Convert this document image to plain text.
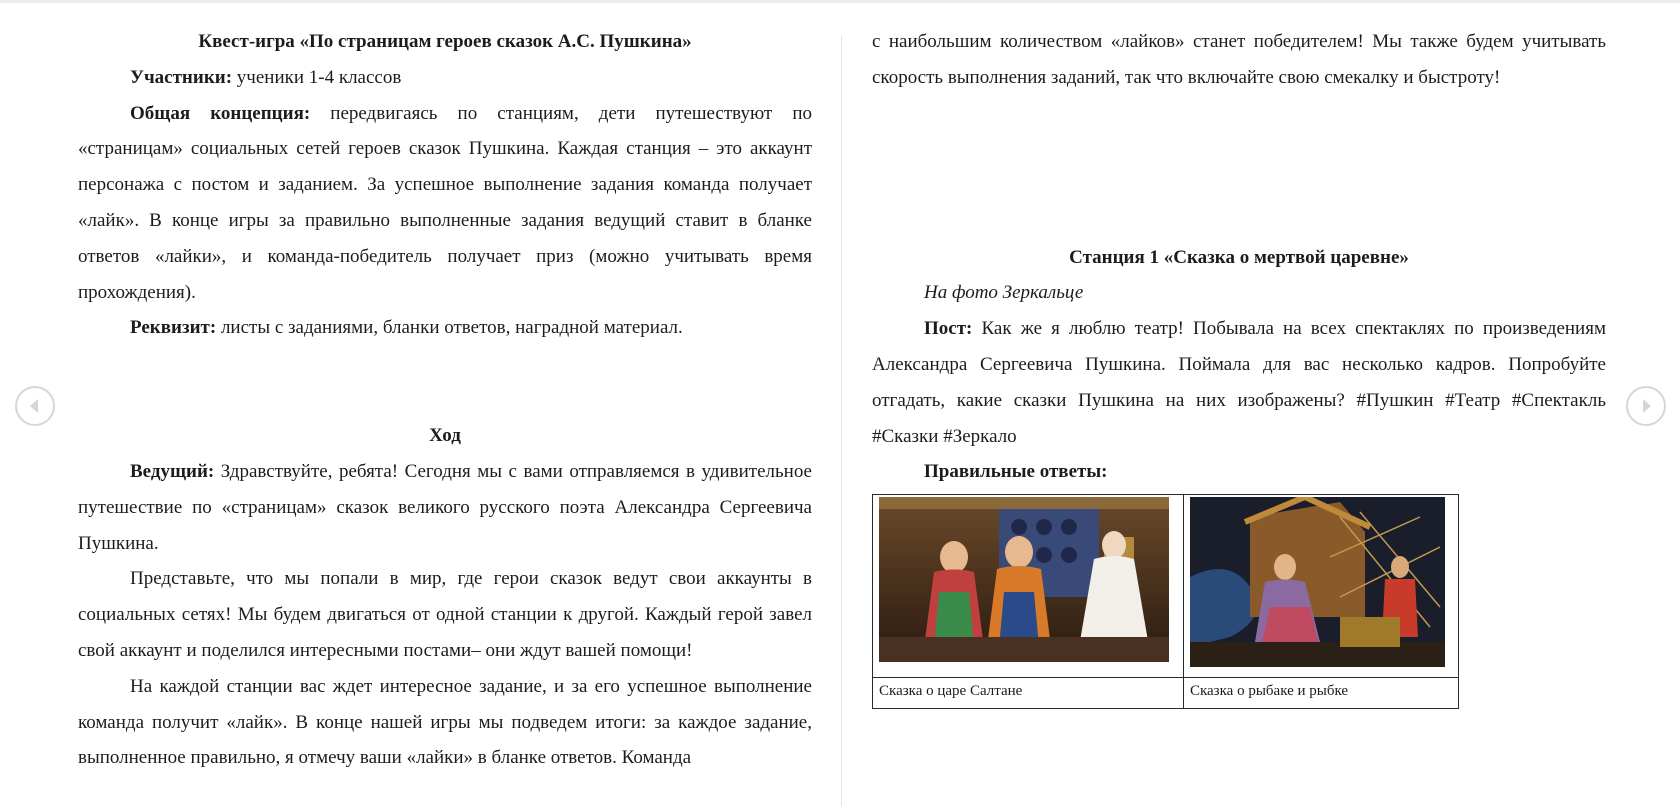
Квест-игра «По страницам героев сказок А.С. Пушкина»

Участники: ученики 1-4 классов

Общая концепция: передвигаясь по станциям, дети путешествуют по «страницам» социальных сетей героев сказок Пушкина. Каждая станция – это аккаунт персонажа с постом и заданием. За успешное выполнение задания команда получает «лайк». В конце игры за правильно выполненные задания ведущий ставит в бланке ответов «лайки», и команда-победитель получает приз (можно учитывать время прохождения).

Реквизит: листы с заданиями, бланки ответов, наградной материал.

Ход

Ведущий: Здравствуйте, ребята! Сегодня мы с вами отправляемся в удивительное путешествие по «страницам» сказок великого русского поэта Александра Сергеевича Пушкина.

Представьте, что мы попали в мир, где герои сказок ведут свои аккаунты в социальных сетях! Мы будем двигаться от одной станции к другой. Каждый герой завел свой аккаунт и поделился интересными постами– они ждут вашей помощи!

На каждой станции вас ждет интересное задание, и за его успешное выполнение команда получит «лайк». В конце нашей игры мы подведем итоги: за каждое задание, выполненное правильно, я отмечу ваши «лайки» в бланке ответов. Команда

с наибольшим количеством «лайков» станет победителем! Мы также будем учитывать скорость выполнения заданий, так что включайте свою смекалку и быстроту!

Станция 1 «Сказка о мертвой царевне»

На фото Зеркальце

Пост: Как же я люблю театр! Побывала на всех спектаклях по произведениям Александра Сергеевича Пушкина. Поймала для вас несколько кадров. Попробуйте отгадать, какие сказки Пушкина на них изображены? #Пушкин #Театр #Спектакль #Сказки #Зеркало

Правильные ответы:

Сказка о царе Салтане	Сказка о рыбаке и рыбке
